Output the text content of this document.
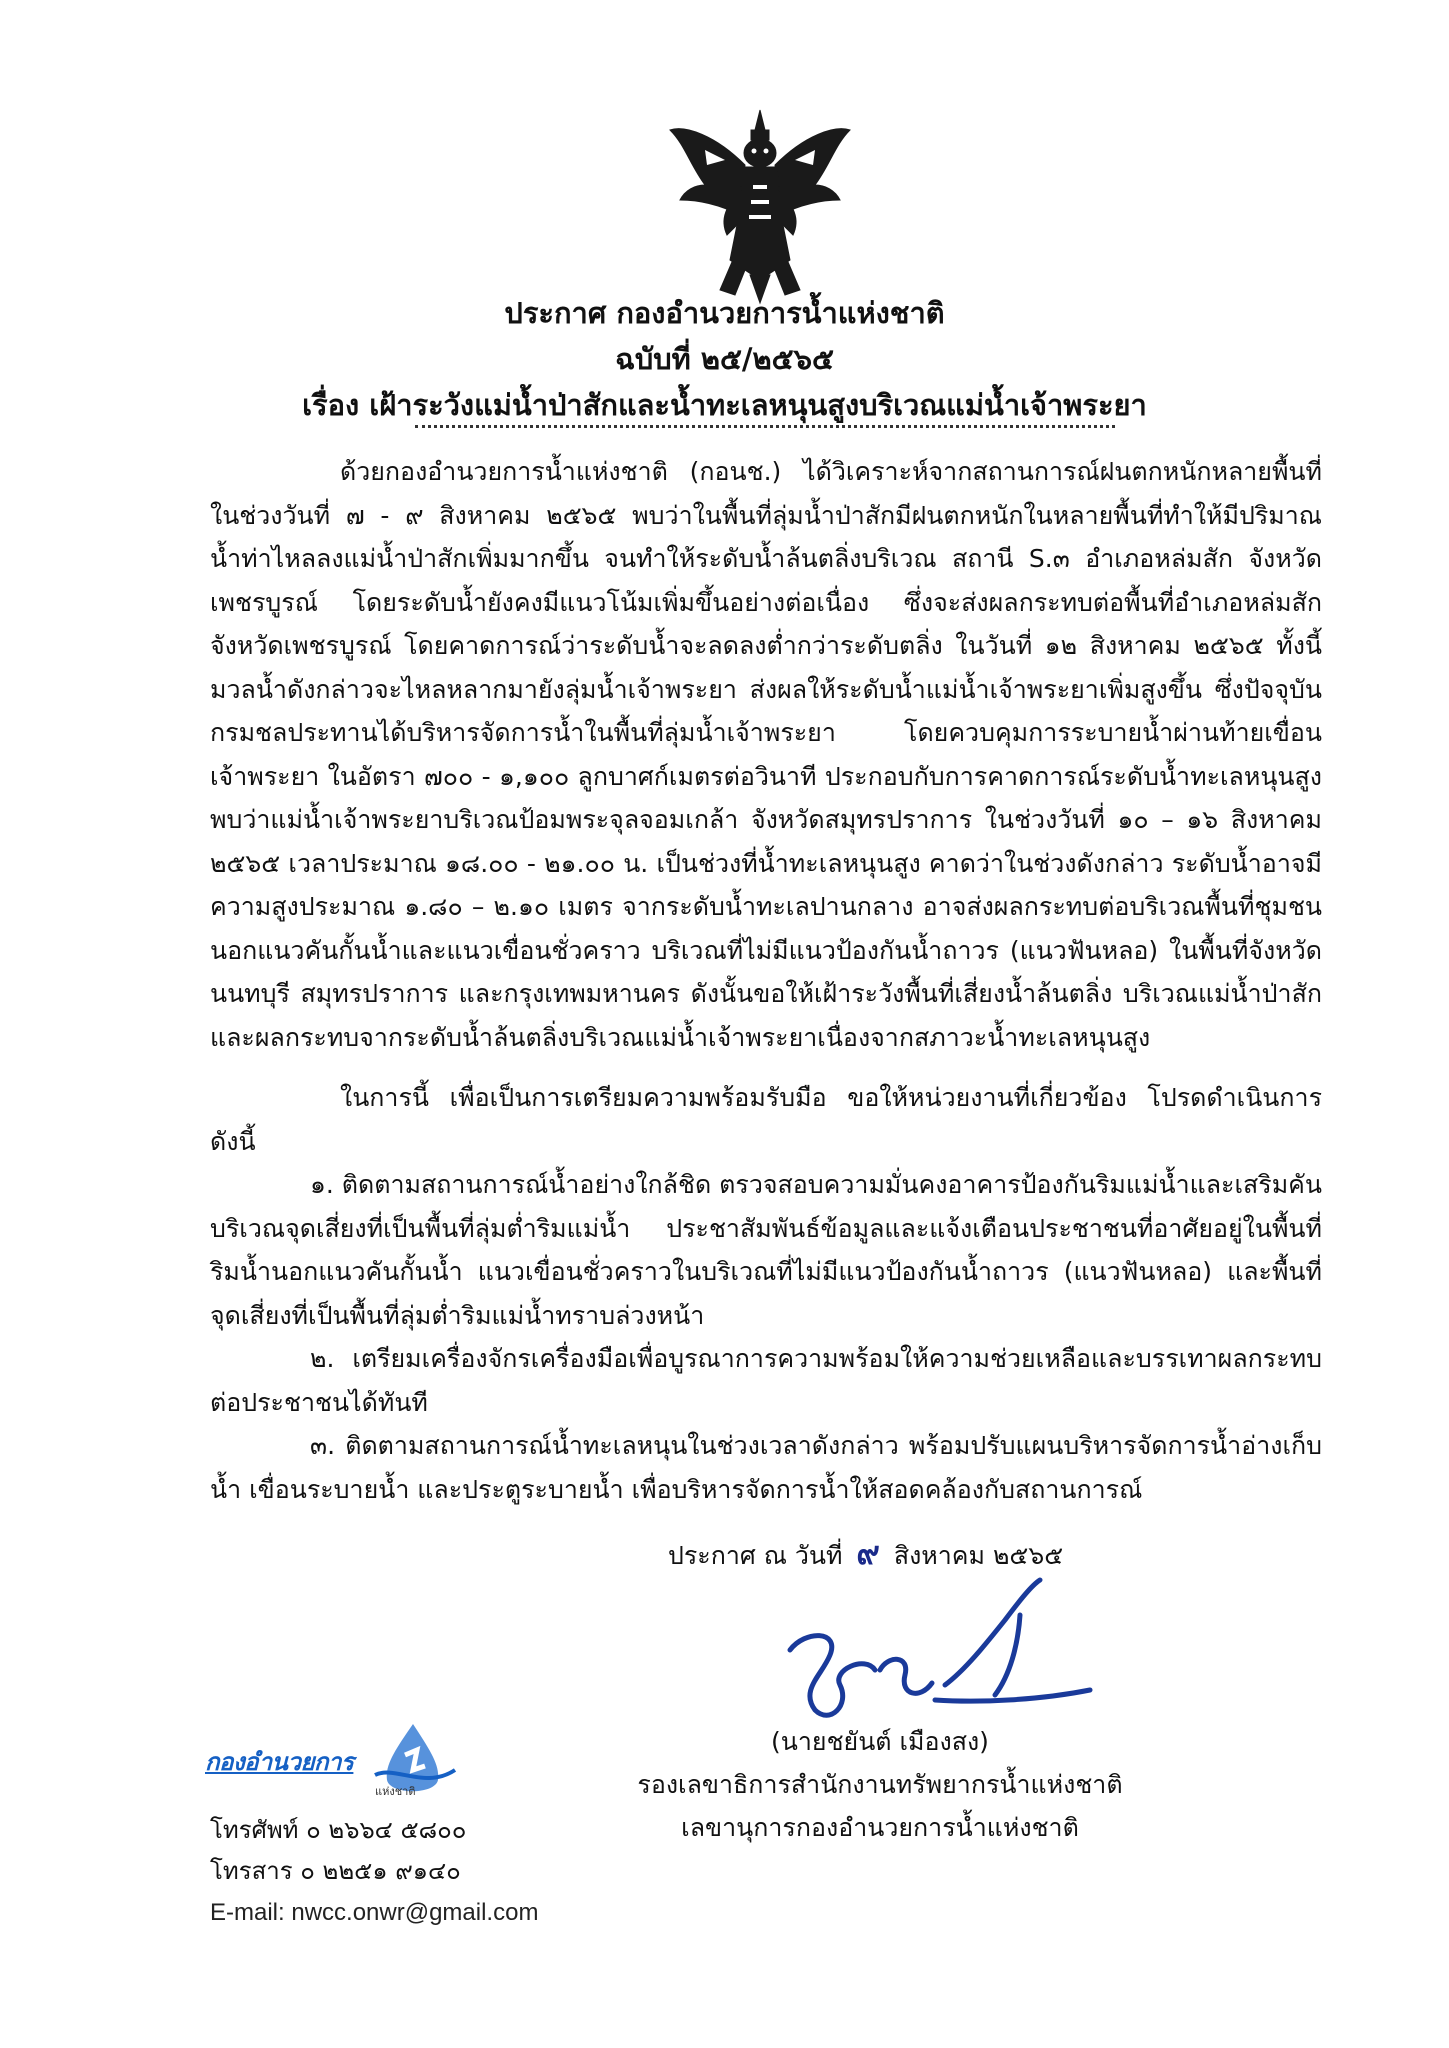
ประกาศ กองอำนวยการน้ำแห่งชาติ
ฉบับที่ ๒๕/๒๕๖๕
เรื่อง เฝ้าระวังแม่น้ำป่าสักและน้ำทะเลหนุนสูงบริเวณแม่น้ำเจ้าพระยา

ด้วยกองอำนวยการน้ำแห่งชาติ (กอนช.) ได้วิเคราะห์จากสถานการณ์ฝนตกหนักหลายพื้นที่ในช่วงวันที่ ๗ - ๙ สิงหาคม ๒๕๖๕ พบว่าในพื้นที่ลุ่มน้ำป่าสักมีฝนตกหนักในหลายพื้นที่ทำให้มีปริมาณน้ำท่าไหลลงแม่น้ำป่าสักเพิ่มมากขึ้น จนทำให้ระดับน้ำล้นตลิ่งบริเวณ สถานี S.๓ อำเภอหล่มสัก จังหวัดเพชรบูรณ์ โดยระดับน้ำยังคงมีแนวโน้มเพิ่มขึ้นอย่างต่อเนื่อง ซึ่งจะส่งผลกระทบต่อพื้นที่อำเภอหล่มสัก จังหวัดเพชรบูรณ์ โดยคาดการณ์ว่าระดับน้ำจะลดลงต่ำกว่าระดับตลิ่ง ในวันที่ ๑๒ สิงหาคม ๒๕๖๕ ทั้งนี้ มวลน้ำดังกล่าวจะไหลหลากมายังลุ่มน้ำเจ้าพระยา ส่งผลให้ระดับน้ำแม่น้ำเจ้าพระยาเพิ่มสูงขึ้น ซึ่งปัจจุบันกรมชลประทานได้บริหารจัดการน้ำในพื้นที่ลุ่มน้ำเจ้าพระยา โดยควบคุมการระบายน้ำผ่านท้ายเขื่อนเจ้าพระยา ในอัตรา ๗๐๐ - ๑,๑๐๐ ลูกบาศก์เมตรต่อวินาที ประกอบกับการคาดการณ์ระดับน้ำทะเลหนุนสูง พบว่าแม่น้ำเจ้าพระยาบริเวณป้อมพระจุลจอมเกล้า จังหวัดสมุทรปราการ ในช่วงวันที่ ๑๐ – ๑๖ สิงหาคม ๒๕๖๕ เวลาประมาณ ๑๘.๐๐ - ๒๑.๐๐ น. เป็นช่วงที่น้ำทะเลหนุนสูง คาดว่าในช่วงดังกล่าว ระดับน้ำอาจมีความสูงประมาณ ๑.๘๐ – ๒.๑๐ เมตร จากระดับน้ำทะเลปานกลาง อาจส่งผลกระทบต่อบริเวณพื้นที่ชุมชนนอกแนวคันกั้นน้ำและแนวเขื่อนชั่วคราว บริเวณที่ไม่มีแนวป้องกันน้ำถาวร (แนวฟันหลอ) ในพื้นที่จังหวัดนนทบุรี สมุทรปราการ และกรุงเทพมหานคร ดังนั้นขอให้เฝ้าระวังพื้นที่เสี่ยงน้ำล้นตลิ่ง บริเวณแม่น้ำป่าสัก และผลกระทบจากระดับน้ำล้นตลิ่งบริเวณแม่น้ำเจ้าพระยาเนื่องจากสภาวะน้ำทะเลหนุนสูง

ในการนี้ เพื่อเป็นการเตรียมความพร้อมรับมือ ขอให้หน่วยงานที่เกี่ยวข้อง โปรดดำเนินการ ดังนี้

๑. ติดตามสถานการณ์น้ำอย่างใกล้ชิด ตรวจสอบความมั่นคงอาคารป้องกันริมแม่น้ำและเสริมคันบริเวณจุดเสี่ยงที่เป็นพื้นที่ลุ่มต่ำริมแม่น้ำ ประชาสัมพันธ์ข้อมูลและแจ้งเตือนประชาชนที่อาศัยอยู่ในพื้นที่ริมน้ำนอกแนวคันกั้นน้ำ แนวเขื่อนชั่วคราวในบริเวณที่ไม่มีแนวป้องกันน้ำถาวร (แนวฟันหลอ) และพื้นที่จุดเสี่ยงที่เป็นพื้นที่ลุ่มต่ำริมแม่น้ำทราบล่วงหน้า

๒. เตรียมเครื่องจักรเครื่องมือเพื่อบูรณาการความพร้อมให้ความช่วยเหลือและบรรเทาผลกระทบต่อประชาชนได้ทันที

๓. ติดตามสถานการณ์น้ำทะเลหนุนในช่วงเวลาดังกล่าว พร้อมปรับแผนบริหารจัดการน้ำอ่างเก็บน้ำ เขื่อนระบายน้ำ และประตูระบายน้ำ เพื่อบริหารจัดการน้ำให้สอดคล้องกับสถานการณ์

ประกาศ ณ วันที่ ๙ สิงหาคม ๒๕๖๕
(นายชยันต์ เมืองสง)
รองเลขาธิการสำนักงานทรัพยากรน้ำแห่งชาติ
เลขานุการกองอำนวยการน้ำแห่งชาติ
กองอำนวยการ
แห่งชาติ
โทรศัพท์ ๐ ๒๖๖๔ ๕๘๐๐
โทรสาร ๐ ๒๒๕๑ ๙๑๔๐
E-mail: nwcc.onwr@gmail.com
